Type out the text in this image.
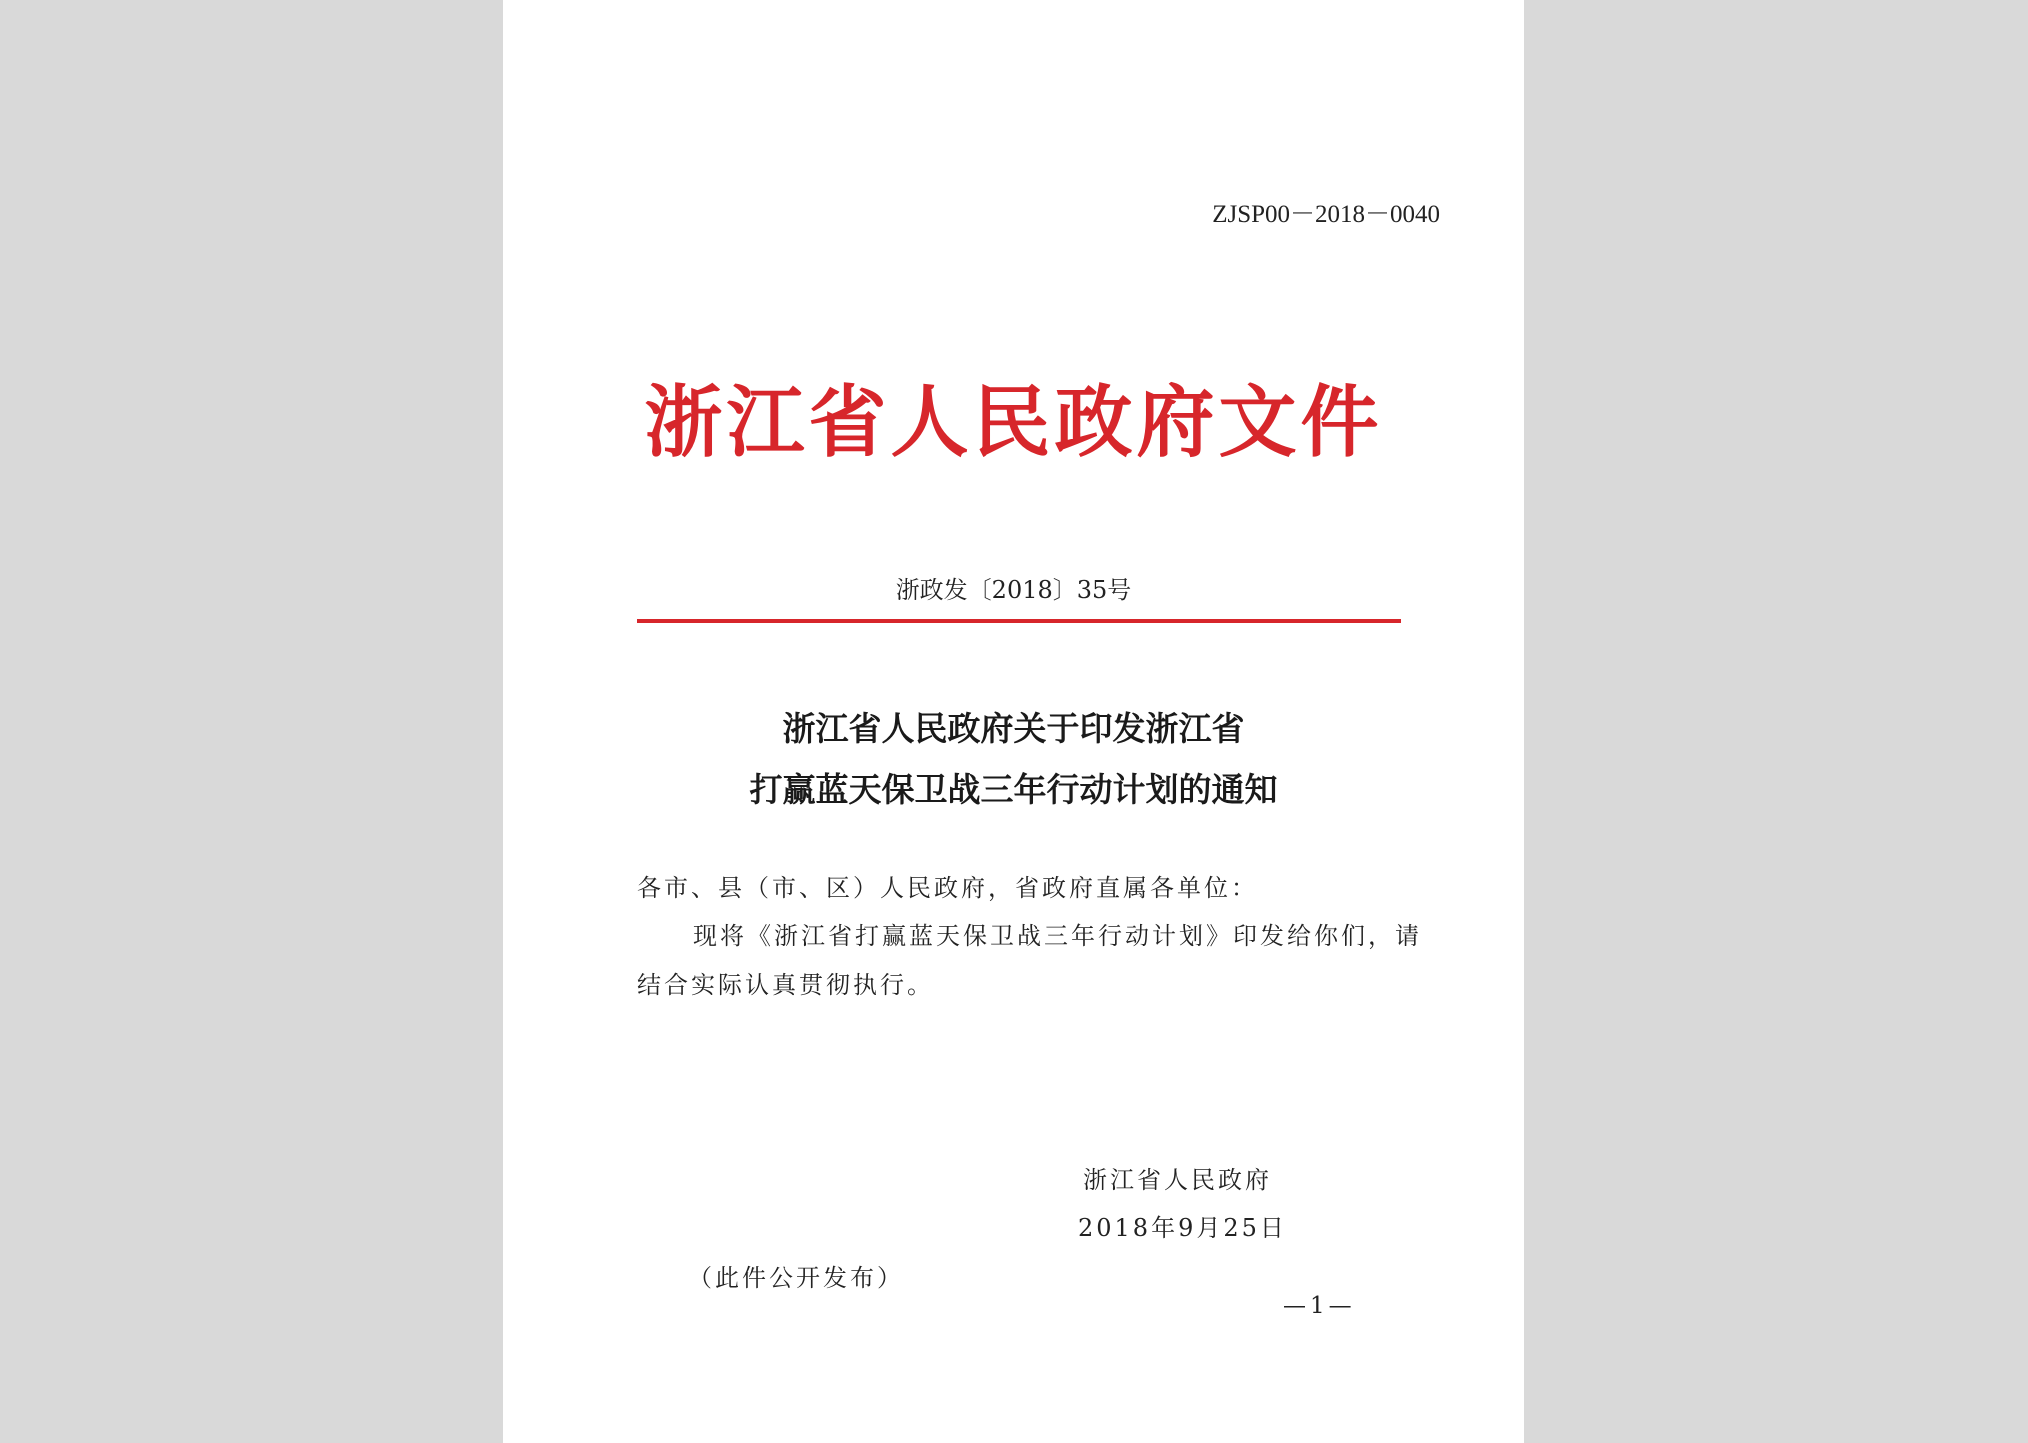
ZJSP00－2018－0040
浙江省人民政府文件
浙政发〔2018〕35号
浙江省人民政府关于印发浙江省
打赢蓝天保卫战三年行动计划的通知
各市、县（市、区）人民政府，省政府直属各单位：
现将《浙江省打赢蓝天保卫战三年行动计划》印发给你们，请
结合实际认真贯彻执行。
浙江省人民政府
2018年9月25日
（此件公开发布）
—1—
